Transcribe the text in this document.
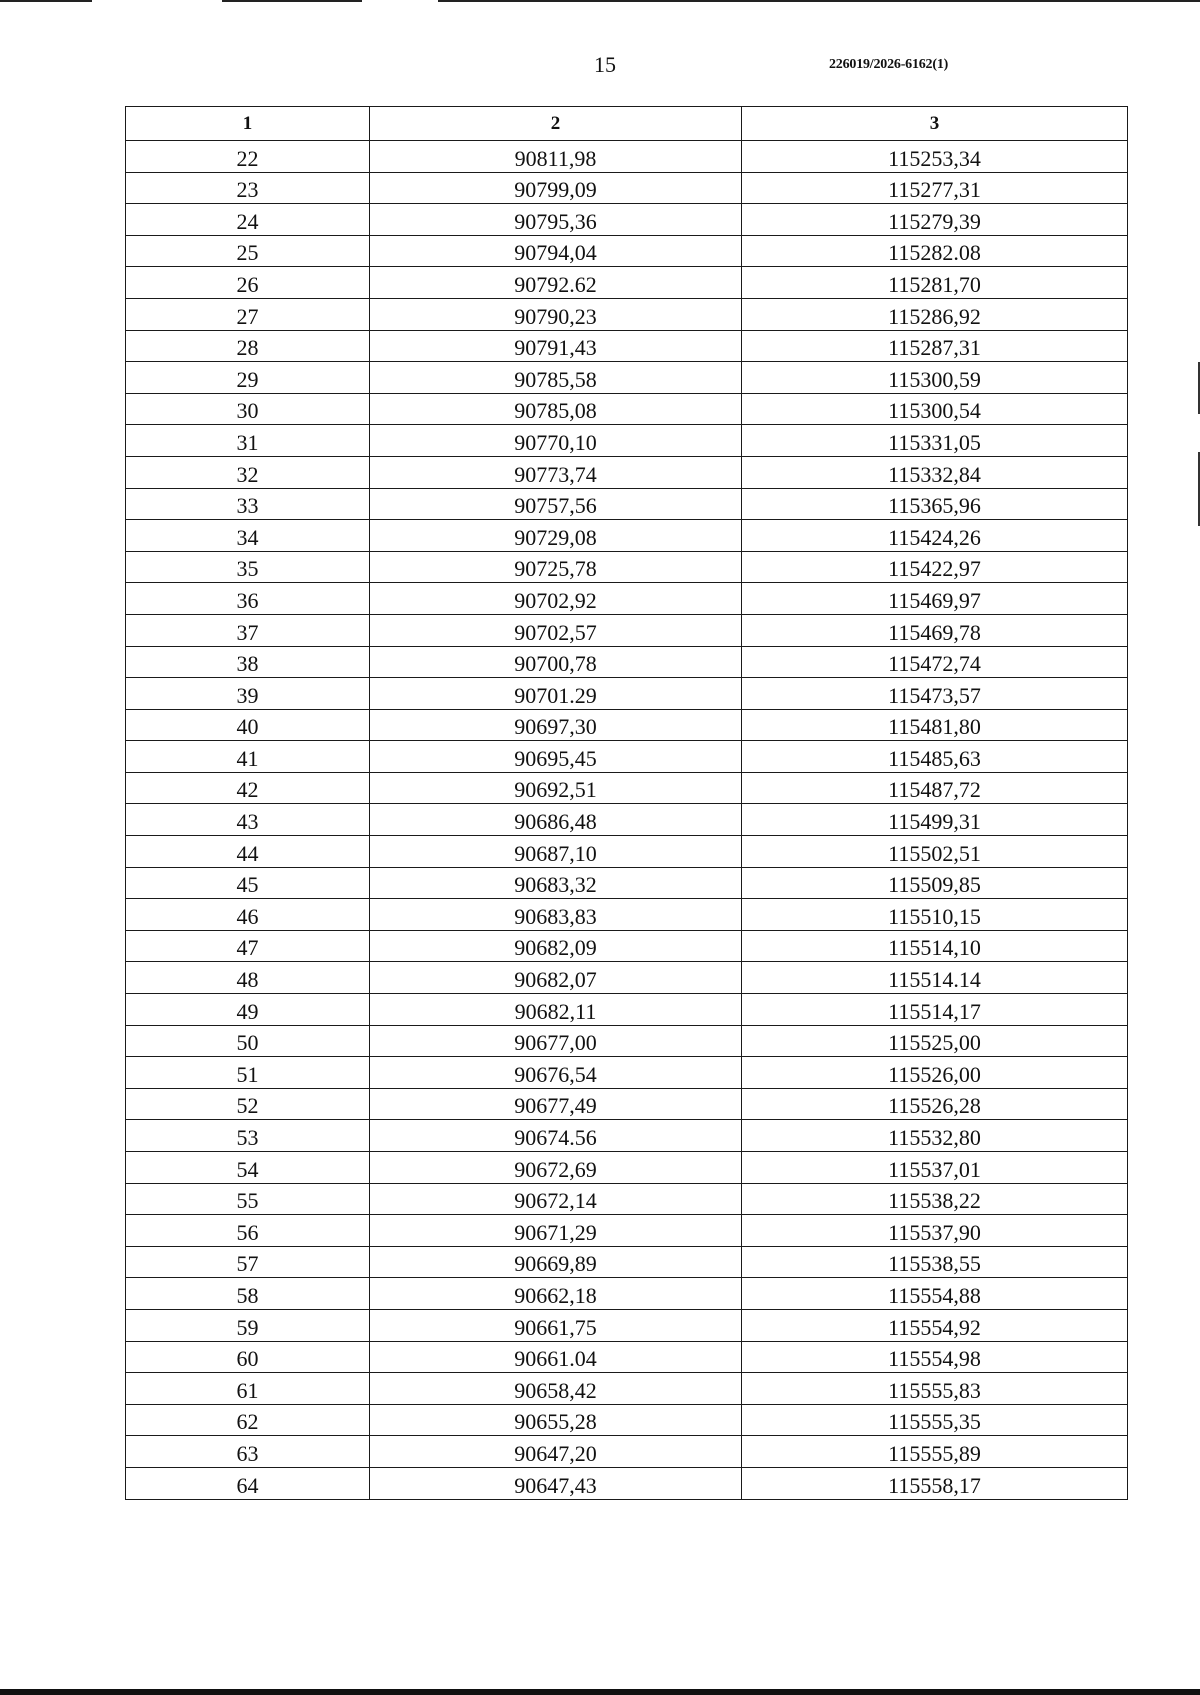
15	226019/2026-6162(1)
1	2	3
22	90811,98	115253,34
23	90799,09	115277,31
24	90795,36	115279,39
25	90794,04	115282.08
26	90792.62	115281,70
27	90790,23	115286,92
28	90791,43	115287,31
29	90785,58	115300,59
30	90785,08	115300,54
31	90770,10	115331,05
32	90773,74	115332,84
33	90757,56	115365,96
34	90729,08	115424,26
35	90725,78	115422,97
36	90702,92	115469,97
37	90702,57	115469,78
38	90700,78	115472,74
39	90701.29	115473,57
40	90697,30	115481,80
41	90695,45	115485,63
42	90692,51	115487,72
43	90686,48	115499,31
44	90687,10	115502,51
45	90683,32	115509,85
46	90683,83	115510,15
47	90682,09	115514,10
48	90682,07	115514.14
49	90682,11	115514,17
50	90677,00	115525,00
51	90676,54	115526,00
52	90677,49	115526,28
53	90674.56	115532,80
54	90672,69	115537,01
55	90672,14	115538,22
56	90671,29	115537,90
57	90669,89	115538,55
58	90662,18	115554,88
59	90661,75	115554,92
60	90661.04	115554,98
61	90658,42	115555,83
62	90655,28	115555,35
63	90647,20	115555,89
64	90647,43	115558,17
